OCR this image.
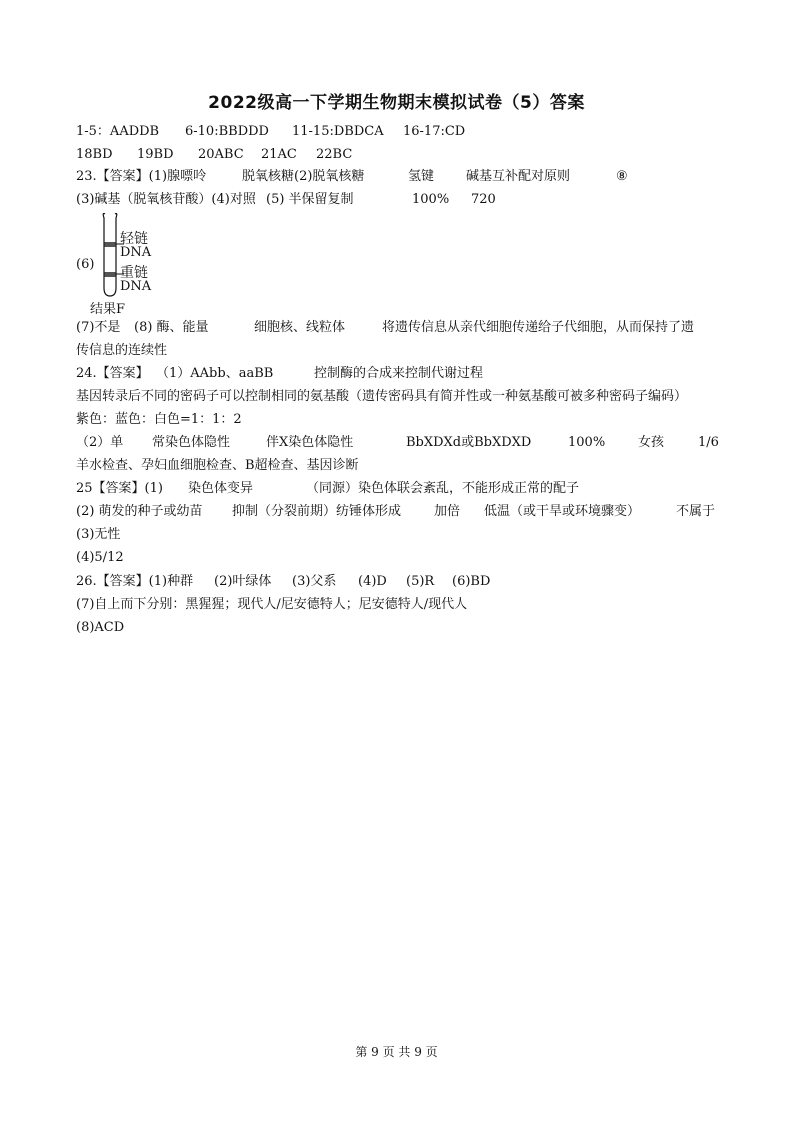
2022级高一下学期生物期末模拟试卷（5）答案
1-5：AADDB 6-10:BBDDD 11-15:DBDCA 16-17:CD
18BD 19BD 20ABC 21AC 22BC
23.【答案】(1)腺嘌呤	脱氧核糖(2)脱氧核糖	氢键 碱基互补配对原则	⑧
(3)碱基（脱氧核苷酸）(4)对照 (5) 半保留复制	100% 720
(7)不是 (8) 酶、能量	细胞核、线粒体	将遗传信息从亲代细胞传递给子代细胞，从而保持了遗
传信息的连续性
24.【答案】 （1）AAbb、aaBB	控制酶的合成来控制代谢过程
基因转录后不同的密码子可以控制相同的氨基酸（遗传密码具有简并性或一种氨基酸可被多种密码子编码）
紫色：蓝色：白色=1：1：2
（2）单 常染色体隐性	伴X染色体隐性	BbXDXd或BbXDXD	100%	女孩	1/6
羊水检查、孕妇血细胞检查、B超检查、基因诊断
25【答案】(1) 染色体变异	（同源）染色体联会紊乱，不能形成正常的配子
(2) 萌发的种子或幼苗 抑制（分裂前期）纺锤体形成	加倍 低温（或干旱或环境骤变）	不属于
(3)无性
(4)5/12
26.【答案】(1)种群 (2)叶绿体 (3)父系 (4)D (5)R (6)BD
(7)自上而下分别：黑猩猩；现代人/尼安德特人；尼安德特人/现代人
(8)ACD
(6)
轻链
DNA
重链
DNA
结果F
第 9 页 共 9 页
